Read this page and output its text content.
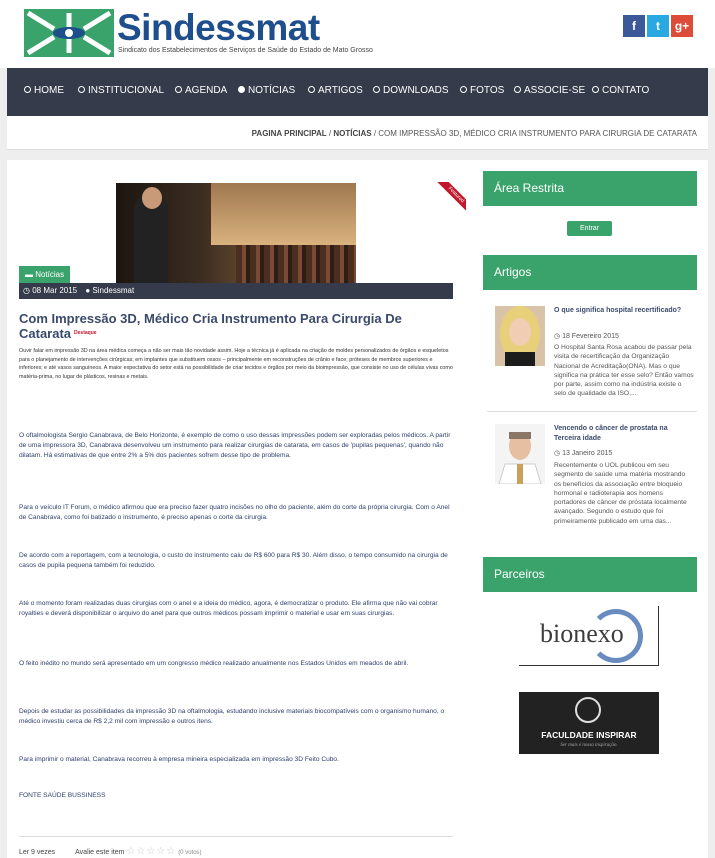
Sindessmat
Sindicato dos Estabelecimentos de Serviços de Saúde do Estado de Mato Grosso
f	t	g+
HOME	INSTITUCIONAL	AGENDA	NOTÍCIAS	ARTIGOS	DOWNLOADS	FOTOS	ASSOCIE-SE	CONTATO
PAGINA PRINCIPAL / NOTÍCIAS / COM IMPRESSÃO 3D, MÉDICO CRIA INSTRUMENTO PARA CIRURGIA DE CATARATA
Featured
▬ Notícias
◷ 08 Mar 2015 ● Sindessmat
Com Impressão 3D, Médico Cria Instrumento Para Cirurgia De Catarata $^{Destaque}$

Ouvir falar em impressão 3D na área médica começa a não ser mais tão novidade assim. Hoje a técnica já é aplicada na criação de moldes personalizados de órgãos e esqueletos para o planejamento de intervenções cirúrgicas; em implantes que substituem ossos – principalmente em reconstruções de crânio e face; próteses de membros superiores e inferiores; e até vasos sanguíneos. A maior expectativa do setor está na possibilidade de criar tecidos e órgãos por meio da bioimpressão, que consiste no uso de células vivas como matéria-prima, no lugar de plásticos, resinas e metais.

O oftalmologista Sergio Canabrava, de Belo Horizonte, é exemplo de como o uso dessas impressões podem ser exploradas pelos médicos. A partir de uma impressora 3D, Canabrava desenvolveu um instrumento para realizar cirurgias de catarata, em casos de 'pupilas pequenas', quando não dilatam. Há estimativas de que entre 2% a 5% dos pacientes sofrem desse tipo de problema.

Para o veículo IT Forum, o médico afirmou que era preciso fazer quatro incisões no olho do paciente, além do corte da própria cirurgia. Com o Anel de Canabrava, como foi batizado o instrumento, é preciso apenas o corte da cirurgia.

De acordo com a reportagem, com a tecnologia, o custo do instrumento caiu de R$ 600 para R$ 30. Além disso, o tempo consumido na cirurgia de casos de pupila pequena também foi reduzido.

Até o momento foram realizadas duas cirurgias com o anel e a ideia do médico, agora, é democratizar o produto. Ele afirma que não vai cobrar royalties e deverá disponibilizar o arquivo do anel para que outros médicos possam imprimir o material e usar em suas cirurgias.

O feito inédito no mundo será apresentado em um congresso médico realizado anualmente nos Estados Unidos em meados de abril.

Depois de estudar as possibilidades da impressão 3D na oftalmologia, estudando inclusive materiais biocompatíveis com o organismo humano, o médico investiu cerca de R$ 2,2 mil com impressão e outros itens.

Para imprimir o material, Canabrava recorreu à empresa mineira especializada em impressão 3D Feito Cubo.

FONTE SAÚDE BUSSINESS

Ler 9 vezes	Avalie este item ☆☆☆☆☆ (0 votos)
Área Restrita
Entrar
Artigos
O que significa hospital recertificado?
◷ 18 Fevereiro 2015
O Hospital Santa Rosa acabou de passar pela visita de recertificação da Organização Nacional de Acreditação(ONA). Mas o que significa na prática ter esse selo? Então vamos por parte, assim como na indústria existe o selo de qualidade da ISO,...
Vencendo o câncer de prostata na Terceira idade
◷ 13 Janeiro 2015
Recentemente o UOL publicou em seu segmento de saúde uma matéria mostrando os benefícios da associação entre bloqueio hormonal e radioterapia aos homens portadores de câncer de próstata localmente avançado. Segundo o estudo que foi primeiramente publicado em uma das...
Parceiros
bionexo
FACULDADE INSPIRAR
Ser mais é nossa inspiração.
